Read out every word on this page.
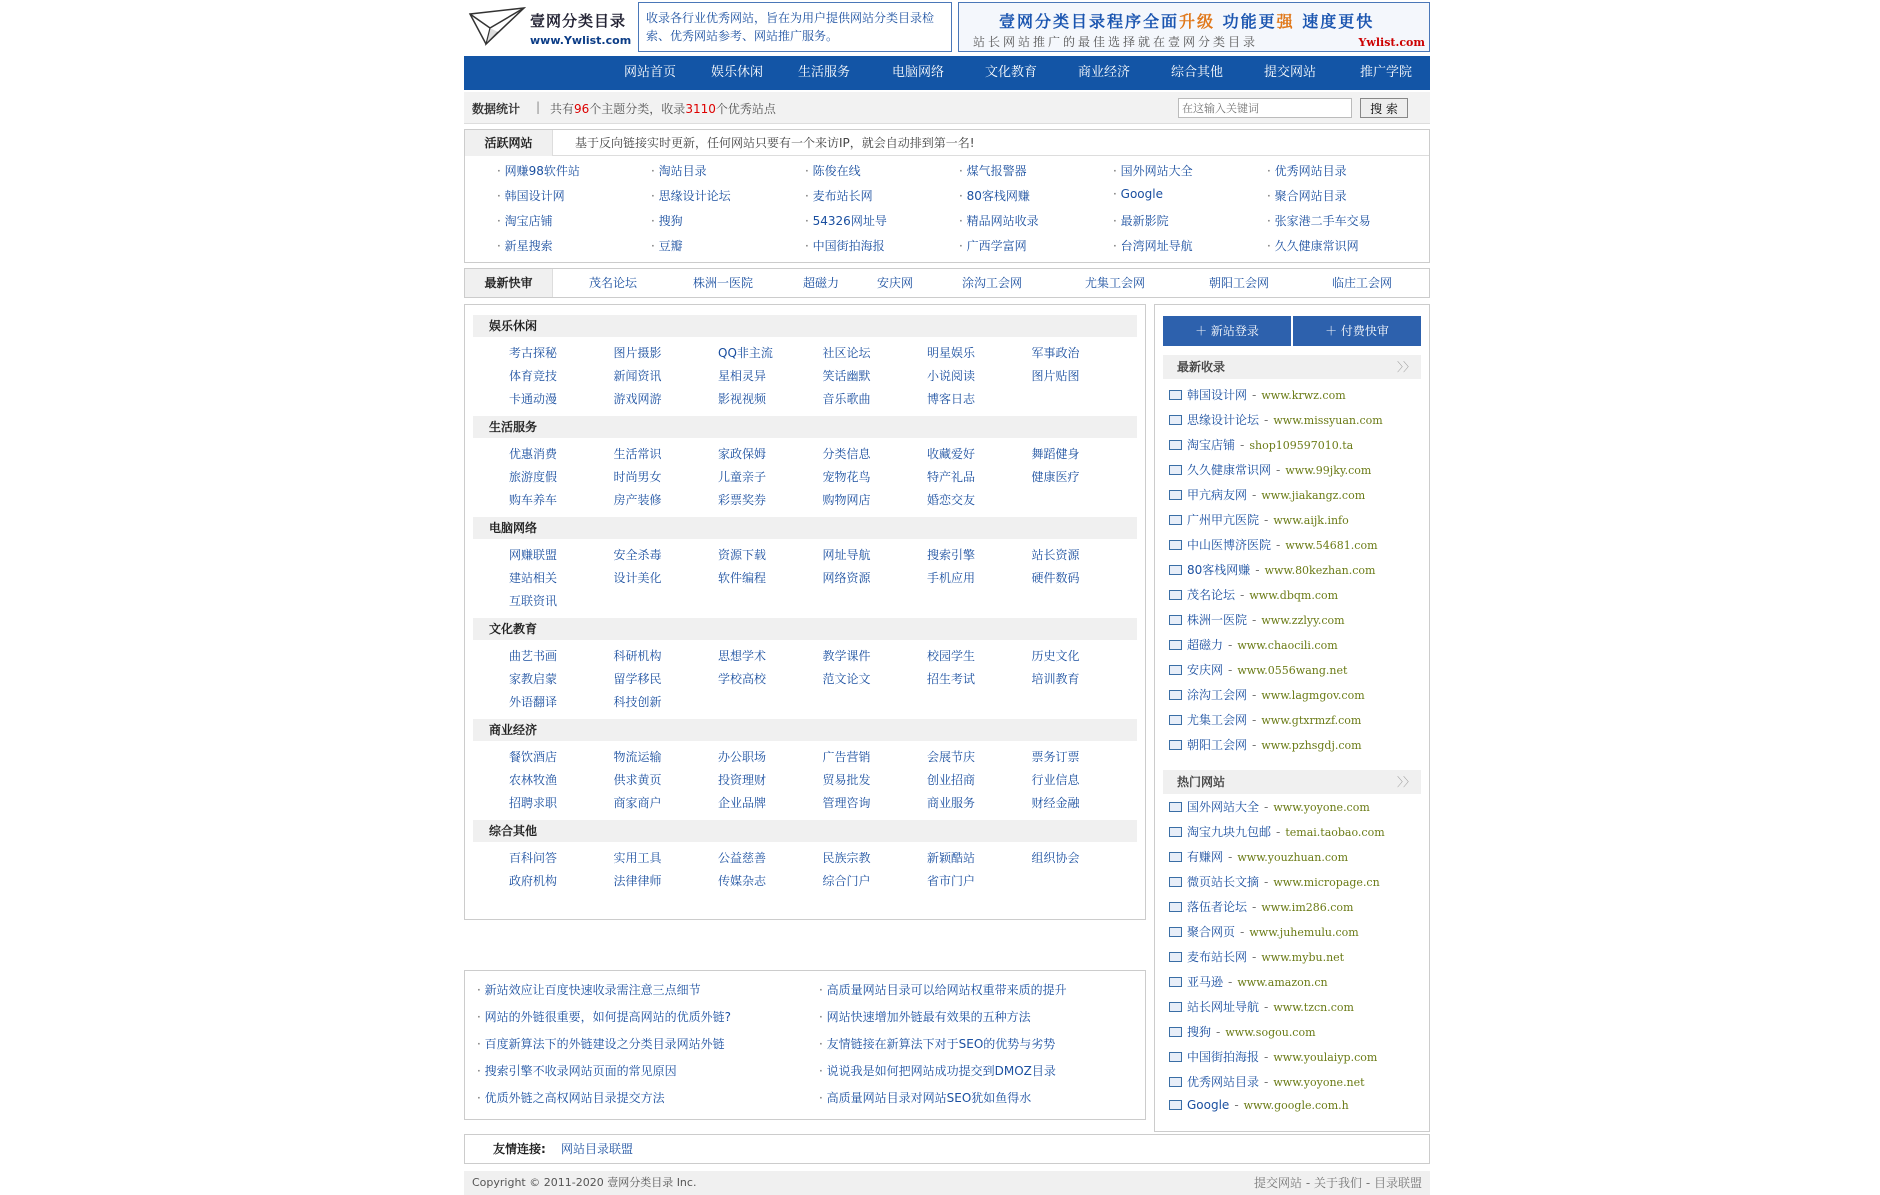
壹网分类目录
www.Ywlist.com
收录各行业优秀网站，旨在为用户提供网站分类目录检索、优秀网站参考、网站推广服务。
壹网分类目录程序全面升级 功能更强 速度更快
站长网站推广的最佳选择就在壹网分类目录	Ywlist.com
网站首页	娱乐休闲	生活服务	电脑网络	文化教育	商业经济	综合其他	提交网站	推广学院
数据统计 | 共有96个主题分类，收录3110个优秀站点
在这输入关键词	搜 索
活跃网站	基于反向链接实时更新，任何网站只要有一个来访IP，就会自动排到第一名!
· 网赚98软件站	· 淘站目录	· 陈俊在线	· 煤气报警器	· 国外网站大全	· 优秀网站目录
· 韩国设计网	· 思缘设计论坛	· 麦布站长网	· 80客栈网赚	· Google	· 聚合网站目录
· 淘宝店铺	· 搜狗	· 54326网址导	· 精品网站收录	· 最新影院	· 张家港二手车交易
· 新星搜索	· 豆瓣	· 中国街拍海报	· 广西学富网	· 台湾网址导航	· 久久健康常识网
最新快审	茂名论坛	株洲一医院	超磁力	安庆网	涂沟工会网	尤集工会网	朝阳工会网	临庄工会网
娱乐休闲
考古探秘	图片摄影	QQ非主流	社区论坛	明星娱乐	军事政治
体育竞技	新闻资讯	星相灵异	笑话幽默	小说阅读	图片贴图
卡通动漫	游戏网游	影视视频	音乐歌曲	博客日志
生活服务
优惠消费	生活常识	家政保姆	分类信息	收藏爱好	舞蹈健身
旅游度假	时尚男女	儿童亲子	宠物花鸟	特产礼品	健康医疗
购车养车	房产装修	彩票奖券	购物网店	婚恋交友
电脑网络
网赚联盟	安全杀毒	资源下载	网址导航	搜索引擎	站长资源
建站相关	设计美化	软件编程	网络资源	手机应用	硬件数码
互联资讯
文化教育
曲艺书画	科研机构	思想学术	教学课件	校园学生	历史文化
家教启蒙	留学移民	学校高校	范文论文	招生考试	培训教育
外语翻译	科技创新
商业经济
餐饮酒店	物流运输	办公职场	广告营销	会展节庆	票务订票
农林牧渔	供求黄页	投资理财	贸易批发	创业招商	行业信息
招聘求职	商家商户	企业品牌	管理咨询	商业服务	财经金融
综合其他
百科问答	实用工具	公益慈善	民族宗教	新颖酷站	组织协会
政府机构	法律律师	传媒杂志	综合门户	省市门户
· 新站效应让百度快速收录需注意三点细节
· 网站的外链很重要，如何提高网站的优质外链?
· 百度新算法下的外链建设之分类目录网站外链
· 搜索引擎不收录网站页面的常见原因
· 优质外链之高权网站目录提交方法
· 高质量网站目录可以给网站权重带来质的提升
· 网站快速增加外链最有效果的五种方法
· 友情链接在新算法下对于SEO的优势与劣势
· 说说我是如何把网站成功提交到DMOZ目录
· 高质量网站目录对网站SEO犹如鱼得水
＋ 新站登录	＋ 付费快审
最新收录	〉〉
热门网站	〉〉
韩国设计网 - www.krwz.com
思缘设计论坛 - www.missyuan.com
淘宝店铺 - shop109597010.ta
久久健康常识网 - www.99jky.com
甲亢病友网 - www.jiakangz.com
广州甲亢医院 - www.aijk.info
中山医博济医院 - www.54681.com
80客栈网赚 - www.80kezhan.com
茂名论坛 - www.dbqm.com
株洲一医院 - www.zzlyy.com
超磁力 - www.chaocili.com
安庆网 - www.0556wang.net
涂沟工会网 - www.lagmgov.com
尤集工会网 - www.gtxrmzf.com
朝阳工会网 - www.pzhsgdj.com
国外网站大全 - www.yoyone.com
淘宝九块九包邮 - temai.taobao.com
有赚网 - www.youzhuan.com
微页站长文摘 - www.micropage.cn
落伍者论坛 - www.im286.com
聚合网页 - www.juhemulu.com
麦布站长网 - www.mybu.net
亚马逊 - www.amazon.cn
站长网址导航 - www.tzcn.com
搜狗 - www.sogou.com
中国街拍海报 - www.youlaiyp.com
优秀网站目录 - www.yoyone.net
Google - www.google.com.h
友情连接: 网站目录联盟
Copyright © 2011-2020 壹网分类目录 Inc.	提交网站 - 关于我们 - 目录联盟
